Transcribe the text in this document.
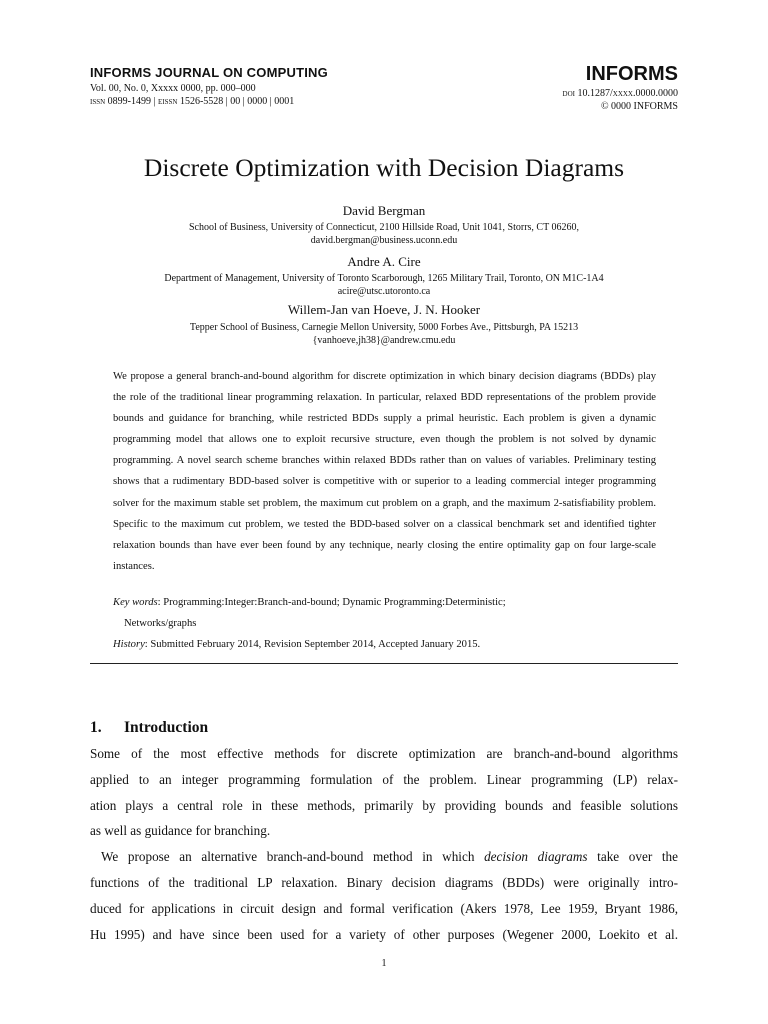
INFORMS JOURNAL ON COMPUTING
Vol. 00, No. 0, Xxxxx 0000, pp. 000–000
issn 0899-1499 | eissn 1526-5528 | 00 | 0000 | 0001
INFORMS
doi 10.1287/xxxx.0000.0000
© 0000 INFORMS
Discrete Optimization with Decision Diagrams
David Bergman
School of Business, University of Connecticut, 2100 Hillside Road, Unit 1041, Storrs, CT 06260,
david.bergman@business.uconn.edu
Andre A. Cire
Department of Management, University of Toronto Scarborough, 1265 Military Trail, Toronto, ON M1C-1A4
acire@utsc.utoronto.ca
Willem-Jan van Hoeve, J. N. Hooker
Tepper School of Business, Carnegie Mellon University, 5000 Forbes Ave., Pittsburgh, PA 15213
{vanhoeve,jh38}@andrew.cmu.edu
We propose a general branch-and-bound algorithm for discrete optimization in which binary decision diagrams (BDDs) play the role of the traditional linear programming relaxation. In particular, relaxed BDD representations of the problem provide bounds and guidance for branching, while restricted BDDs supply a primal heuristic. Each problem is given a dynamic programming model that allows one to exploit recursive structure, even though the problem is not solved by dynamic programming. A novel search scheme branches within relaxed BDDs rather than on values of variables. Preliminary testing shows that a rudimentary BDD-based solver is competitive with or superior to a leading commercial integer programming solver for the maximum stable set problem, the maximum cut problem on a graph, and the maximum 2-satisfiability problem. Specific to the maximum cut problem, we tested the BDD-based solver on a classical benchmark set and identified tighter relaxation bounds than have ever been found by any technique, nearly closing the entire optimality gap on four large-scale instances.
Key words: Programming:Integer:Branch-and-bound; Dynamic Programming:Deterministic;
Networks/graphs
History: Submitted February 2014, Revision September 2014, Accepted January 2015.
1. Introduction
Some of the most effective methods for discrete optimization are branch-and-bound algorithms
applied to an integer programming formulation of the problem. Linear programming (LP) relax-
ation plays a central role in these methods, primarily by providing bounds and feasible solutions
as well as guidance for branching.
We propose an alternative branch-and-bound method in which decision diagrams take over the
functions of the traditional LP relaxation. Binary decision diagrams (BDDs) were originally intro-
duced for applications in circuit design and formal verification (Akers 1978, Lee 1959, Bryant 1986,
Hu 1995) and have since been used for a variety of other purposes (Wegener 2000, Loekito et al.
1
